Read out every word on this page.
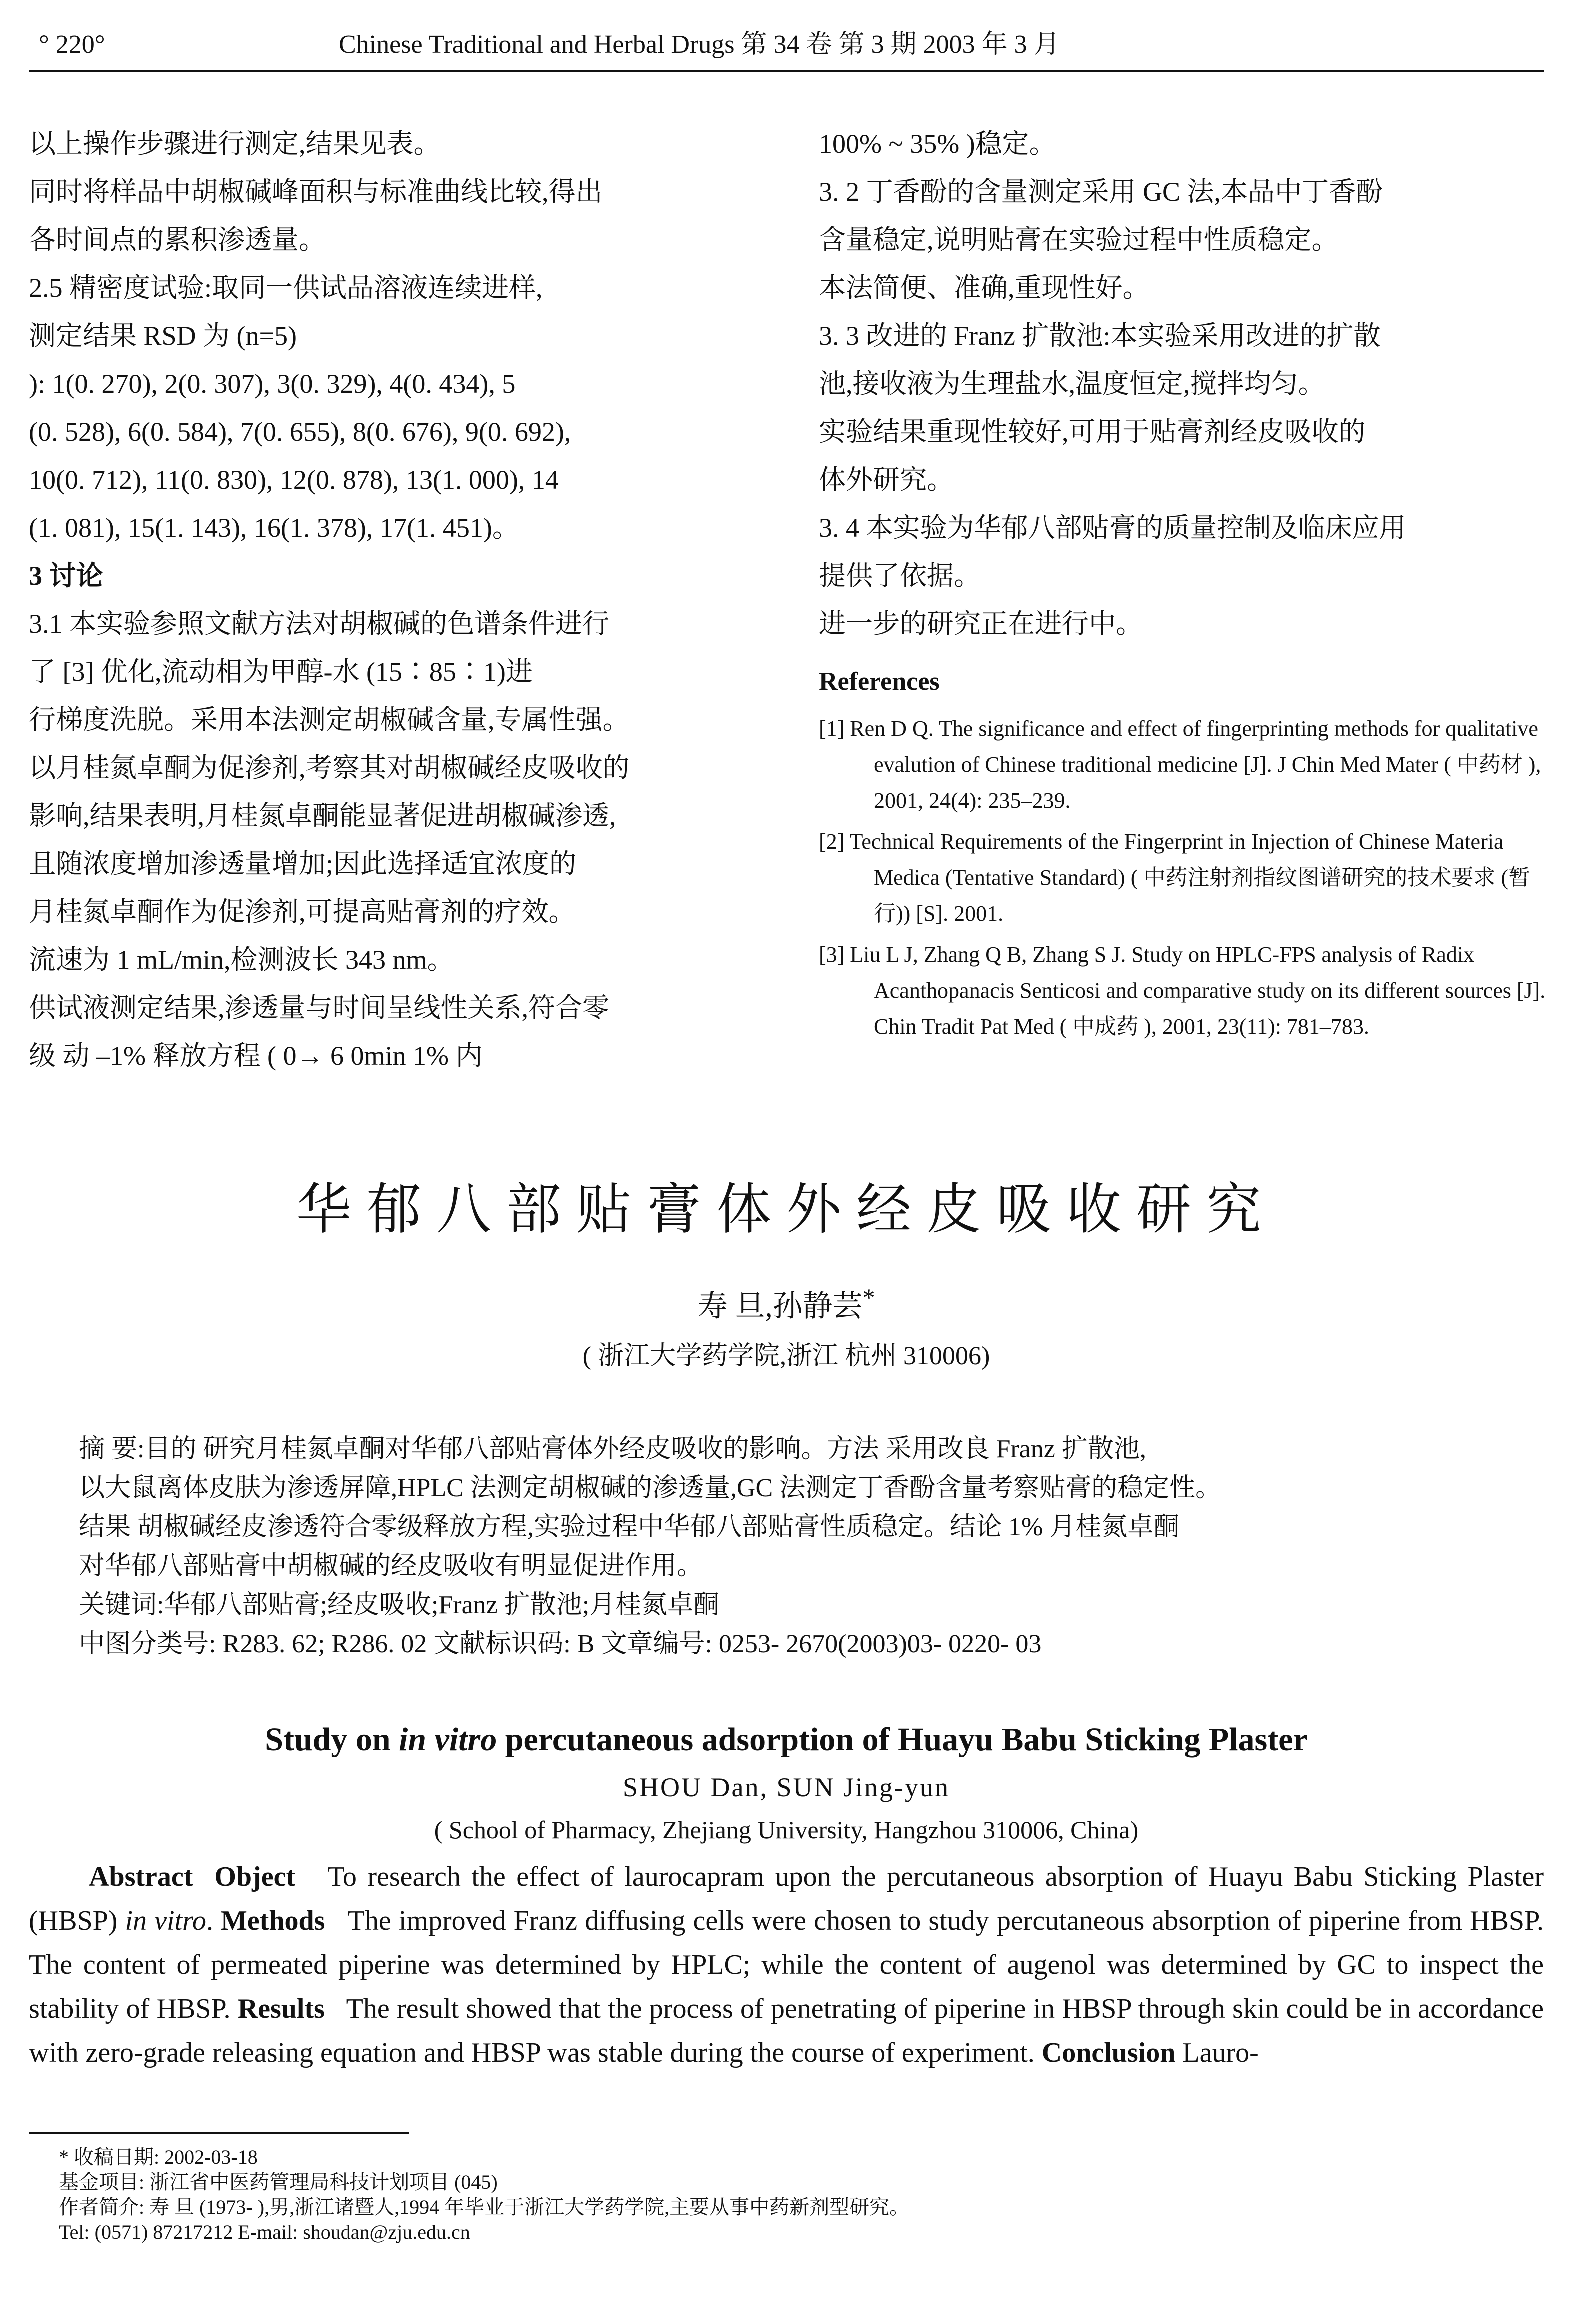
° 220°	Chinese Traditional and Herbal Drugs 第 34 卷 第 3 期 2003 年 3 月

以上操作步骤进行测定,结果见表。

同时将样品中胡椒碱峰面积与标准曲线比较,得出

各时间点的累积渗透量。

2.5 精密度试验:取同一供试品溶液连续进样,

测定结果 RSD 为 (n=5)

): 1(0. 270), 2(0. 307), 3(0. 329), 4(0. 434), 5

(0. 528), 6(0. 584), 7(0. 655), 8(0. 676), 9(0. 692),

10(0. 712), 11(0. 830), 12(0. 878), 13(1. 000), 14

(1. 081), 15(1. 143), 16(1. 378), 17(1. 451)。

3 讨论

3.1 本实验参照文献方法对胡椒碱的色谱条件进行

了 [3] 优化,流动相为甲醇-水 (15∶85∶1)进

行梯度洗脱。采用本法测定胡椒碱含量,专属性强。

以月桂氮卓酮为促渗剂,考察其对胡椒碱经皮吸收的

影响,结果表明,月桂氮卓酮能显著促进胡椒碱渗透,

且随浓度增加渗透量增加;因此选择适宜浓度的

月桂氮卓酮作为促渗剂,可提高贴膏剂的疗效。

流速为 1 mL/min,检测波长 343 nm。

供试液测定结果,渗透量与时间呈线性关系,符合零

级 动 –1% 释放方程 ( 0→ 6 0min 1% 内

100% ~ 35% )稳定。

3. 2 丁香酚的含量测定采用 GC 法,本品中丁香酚

含量稳定,说明贴膏在实验过程中性质稳定。

本法简便、准确,重现性好。

3. 3 改进的 Franz 扩散池:本实验采用改进的扩散

池,接收液为生理盐水,温度恒定,搅拌均匀。

实验结果重现性较好,可用于贴膏剂经皮吸收的

体外研究。

3. 4 本实验为华郁八部贴膏的质量控制及临床应用

提供了依据。

进一步的研究正在进行中。

References

[1] Ren D Q. The significance and effect of fingerprinting methods for qualitative evalution of Chinese traditional medicine [J]. J Chin Med Mater ( 中药材 ), 2001, 24(4): 235–239.

[2] Technical Requirements of the Fingerprint in Injection of Chinese Materia Medica (Tentative Standard) ( 中药注射剂指纹图谱研究的技术要求 (暂行)) [S]. 2001.

[3] Liu L J, Zhang Q B, Zhang S J. Study on HPLC-FPS analysis of Radix Acanthopanacis Senticosi and comparative study on its different sources [J]. Chin Tradit Pat Med ( 中成药 ), 2001, 23(11): 781–783.

华郁八部贴膏体外经皮吸收研究
寿 旦,孙静芸*
( 浙江大学药学院,浙江 杭州 310006)

摘 要:目的 研究月桂氮卓酮对华郁八部贴膏体外经皮吸收的影响。方法 采用改良 Franz 扩散池,

以大鼠离体皮肤为渗透屏障,HPLC 法测定胡椒碱的渗透量,GC 法测定丁香酚含量考察贴膏的稳定性。

结果 胡椒碱经皮渗透符合零级释放方程,实验过程中华郁八部贴膏性质稳定。结论 1% 月桂氮卓酮

对华郁八部贴膏中胡椒碱的经皮吸收有明显促进作用。

关键词:华郁八部贴膏;经皮吸收;Franz 扩散池;月桂氮卓酮

中图分类号: R283. 62; R286. 02 文献标识码: B 文章编号: 0253- 2670(2003)03- 0220- 03

Study on in vitro percutaneous adsorption of Huayu Babu Sticking Plaster
SHOU Dan, SUN Jing-yun
( School of Pharmacy, Zhejiang University, Hangzhou 310006, China)

Abstract Object To research the effect of laurocapram upon the percutaneous absorption of Huayu Babu Sticking Plaster (HBSP) in vitro. Methods The improved Franz diffusing cells were chosen to study percutaneous absorption of piperine from HBSP. The content of permeated piperine was determined by HPLC; while the content of augenol was determined by GC to inspect the stability of HBSP. Results The result showed that the process of penetrating of piperine in HBSP through skin could be in accordance with zero-grade releasing equation and HBSP was stable during the course of experiment. Conclusion Lauro-

* 收稿日期: 2002-03-18

基金项目: 浙江省中医药管理局科技计划项目 (045)

作者简介: 寿 旦 (1973- ),男,浙江诸暨人,1994 年毕业于浙江大学药学院,主要从事中药新剂型研究。

Tel: (0571) 87217212 E-mail: shoudan@zju.edu.cn
